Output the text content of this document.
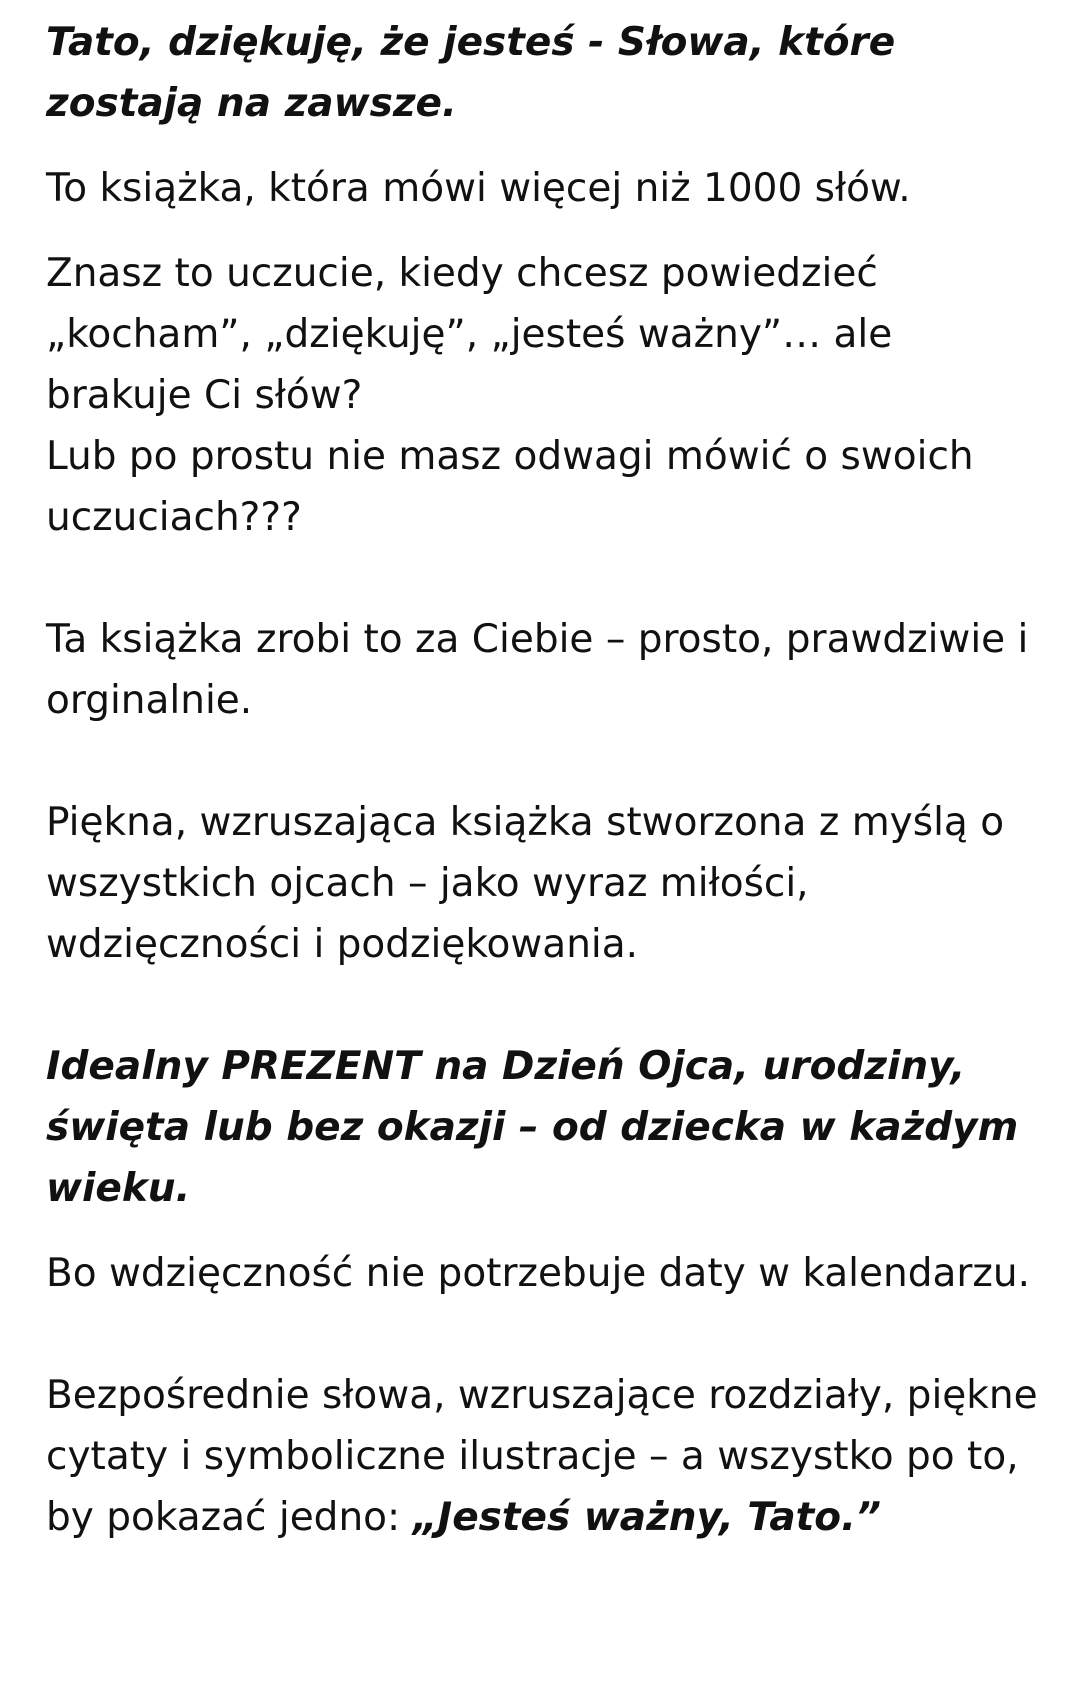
Tato, dziękuję, że jesteś - Słowa, które zostają na zawsze.

To książka, która mówi więcej niż 1000 słów.

Znasz to uczucie, kiedy chcesz powiedzieć „kocham”, „dziękuję”, „jesteś ważny”… ale brakuje Ci słów?

Lub po prostu nie masz odwagi mówić o swoich uczuciach???

Ta książka zrobi to za Ciebie – prosto, prawdziwie i orginalnie.

Piękna, wzruszająca książka stworzona z myślą o wszystkich ojcach – jako wyraz miłości, wdzięczności i podziękowania.

Idealny PREZENT na Dzień Ojca, urodziny, święta lub bez okazji – od dziecka w każdym wieku.

Bo wdzięczność nie potrzebuje daty w kalendarzu.

Bezpośrednie słowa, wzruszające rozdziały, piękne cytaty i symboliczne ilustracje – a wszystko po to, by pokazać jedno: „Jesteś ważny, Tato.”
